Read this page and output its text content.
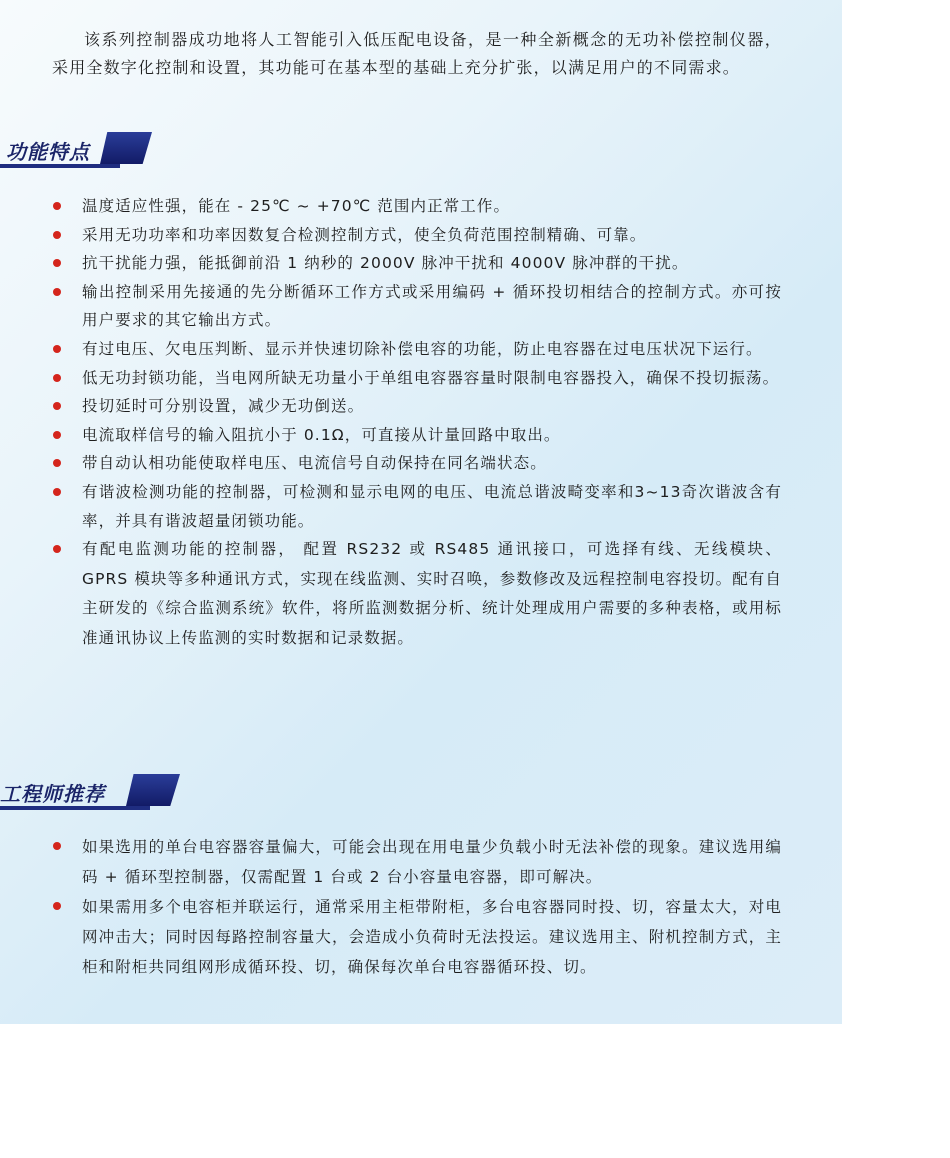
该系列控制器成功地将人工智能引入低压配电设备，是一种全新概念的无功补偿控制仪器，采用全数字化控制和设置，其功能可在基本型的基础上充分扩张，以满足用户的不同需求。
功能特点
温度适应性强，能在 - 25℃ ~ +70℃ 范围内正常工作。
采用无功功率和功率因数复合检测控制方式，使全负荷范围控制精确、可靠。
抗干扰能力强，能抵御前沿 1 纳秒的 2000V 脉冲干扰和 4000V 脉冲群的干扰。
输出控制采用先接通的先分断循环工作方式或采用编码 + 循环投切相结合的控制方式。亦可按用户要求的其它输出方式。
有过电压、欠电压判断、显示并快速切除补偿电容的功能，防止电容器在过电压状况下运行。
低无功封锁功能，当电网所缺无功量小于单组电容器容量时限制电容器投入，确保不投切振荡。
投切延时可分别设置，减少无功倒送。
电流取样信号的输入阻抗小于 0.1Ω，可直接从计量回路中取出。
带自动认相功能使取样电压、电流信号自动保持在同名端状态。
有谐波检测功能的控制器，可检测和显示电网的电压、电流总谐波畸变率和3~13奇次谐波含有率，并具有谐波超量闭锁功能。
有配电监测功能的控制器， 配置 RS232 或 RS485 通讯接口，可选择有线、无线模块、GPRS 模块等多种通讯方式，实现在线监测、实时召唤，参数修改及远程控制电容投切。配有自主研发的《综合监测系统》软件，将所监测数据分析、统计处理成用户需要的多种表格，或用标准通讯协议上传监测的实时数据和记录数据。
工程师推荐
如果选用的单台电容器容量偏大，可能会出现在用电量少负载小时无法补偿的现象。建议选用编码 + 循环型控制器，仅需配置 1 台或 2 台小容量电容器，即可解决。
如果需用多个电容柜并联运行，通常采用主柜带附柜，多台电容器同时投、切，容量太大，对电网冲击大；同时因每路控制容量大，会造成小负荷时无法投运。建议选用主、附机控制方式，主柜和附柜共同组网形成循环投、切，确保每次单台电容器循环投、切。
